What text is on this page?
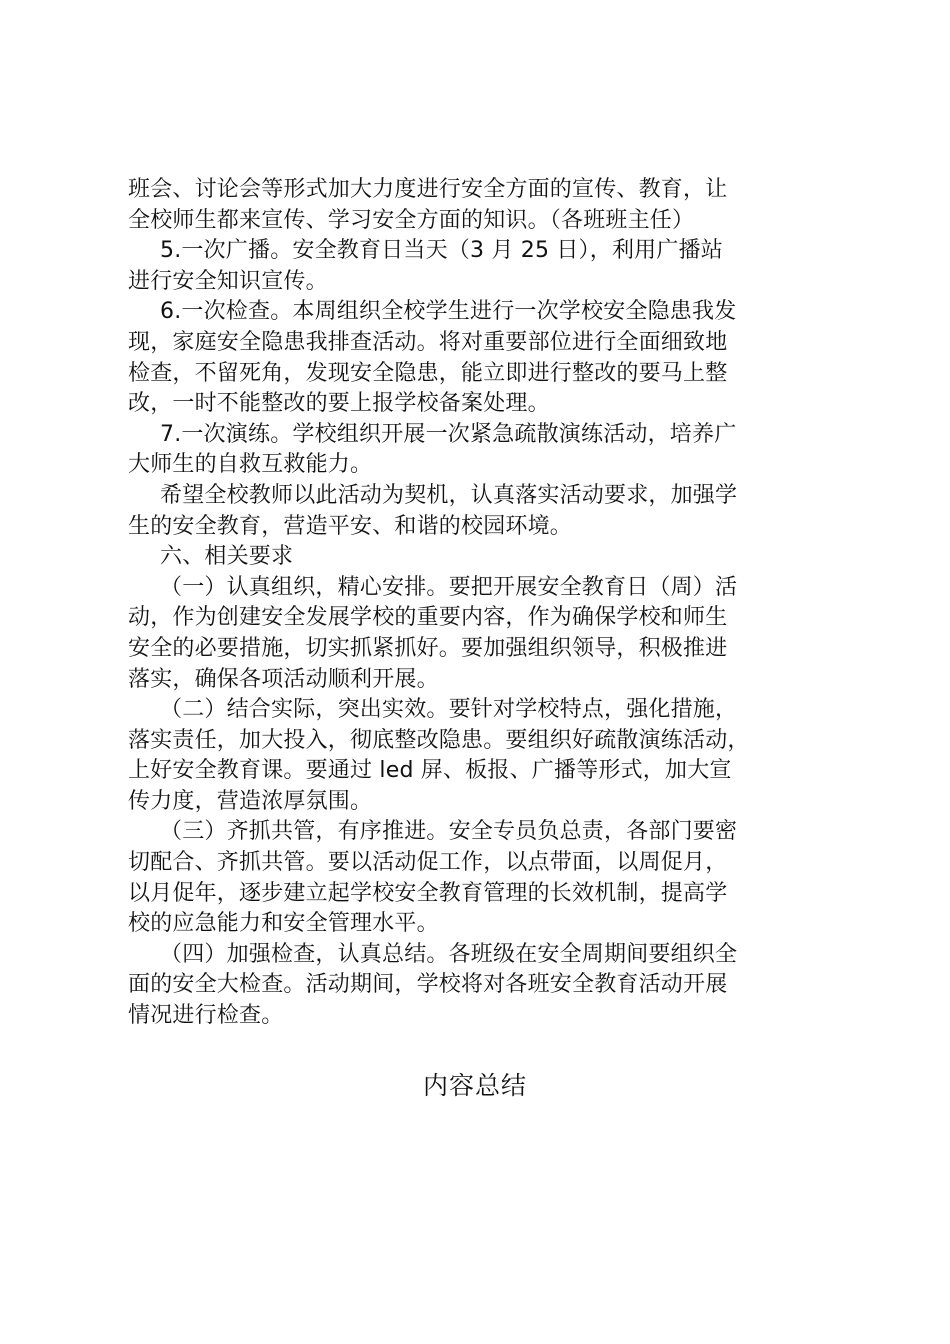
班会、讨论会等形式加大力度进行安全方面的宣传、教育，让
全校师生都来宣传、学习安全方面的知识。（各班班主任）
5.一次广播。安全教育日当天（3 月 25 日），利用广播站
进行安全知识宣传。
6.一次检查。本周组织全校学生进行一次学校安全隐患我发
现，家庭安全隐患我排查活动。将对重要部位进行全面细致地
检查，不留死角，发现安全隐患，能立即进行整改的要马上整
改，一时不能整改的要上报学校备案处理。
7.一次演练。学校组织开展一次紧急疏散演练活动，培养广
大师生的自救互救能力。
希望全校教师以此活动为契机，认真落实活动要求，加强学
生的安全教育，营造平安、和谐的校园环境。
六、相关要求
（一）认真组织，精心安排。要把开展安全教育日（周）活
动，作为创建安全发展学校的重要内容，作为确保学校和师生
安全的必要措施，切实抓紧抓好。要加强组织领导，积极推进
落实，确保各项活动顺利开展。
（二）结合实际，突出实效。要针对学校特点，强化措施，
落实责任，加大投入，彻底整改隐患。要组织好疏散演练活动，
上好安全教育课。要通过 led 屏、板报、广播等形式，加大宣
传力度，营造浓厚氛围。
（三）齐抓共管，有序推进。安全专员负总责，各部门要密
切配合、齐抓共管。要以活动促工作，以点带面，以周促月，
以月促年，逐步建立起学校安全教育管理的长效机制，提高学
校的应急能力和安全管理水平。
（四）加强检查，认真总结。各班级在安全周期间要组织全
面的安全大检查。活动期间，学校将对各班安全教育活动开展
情况进行检查。
内容总结
